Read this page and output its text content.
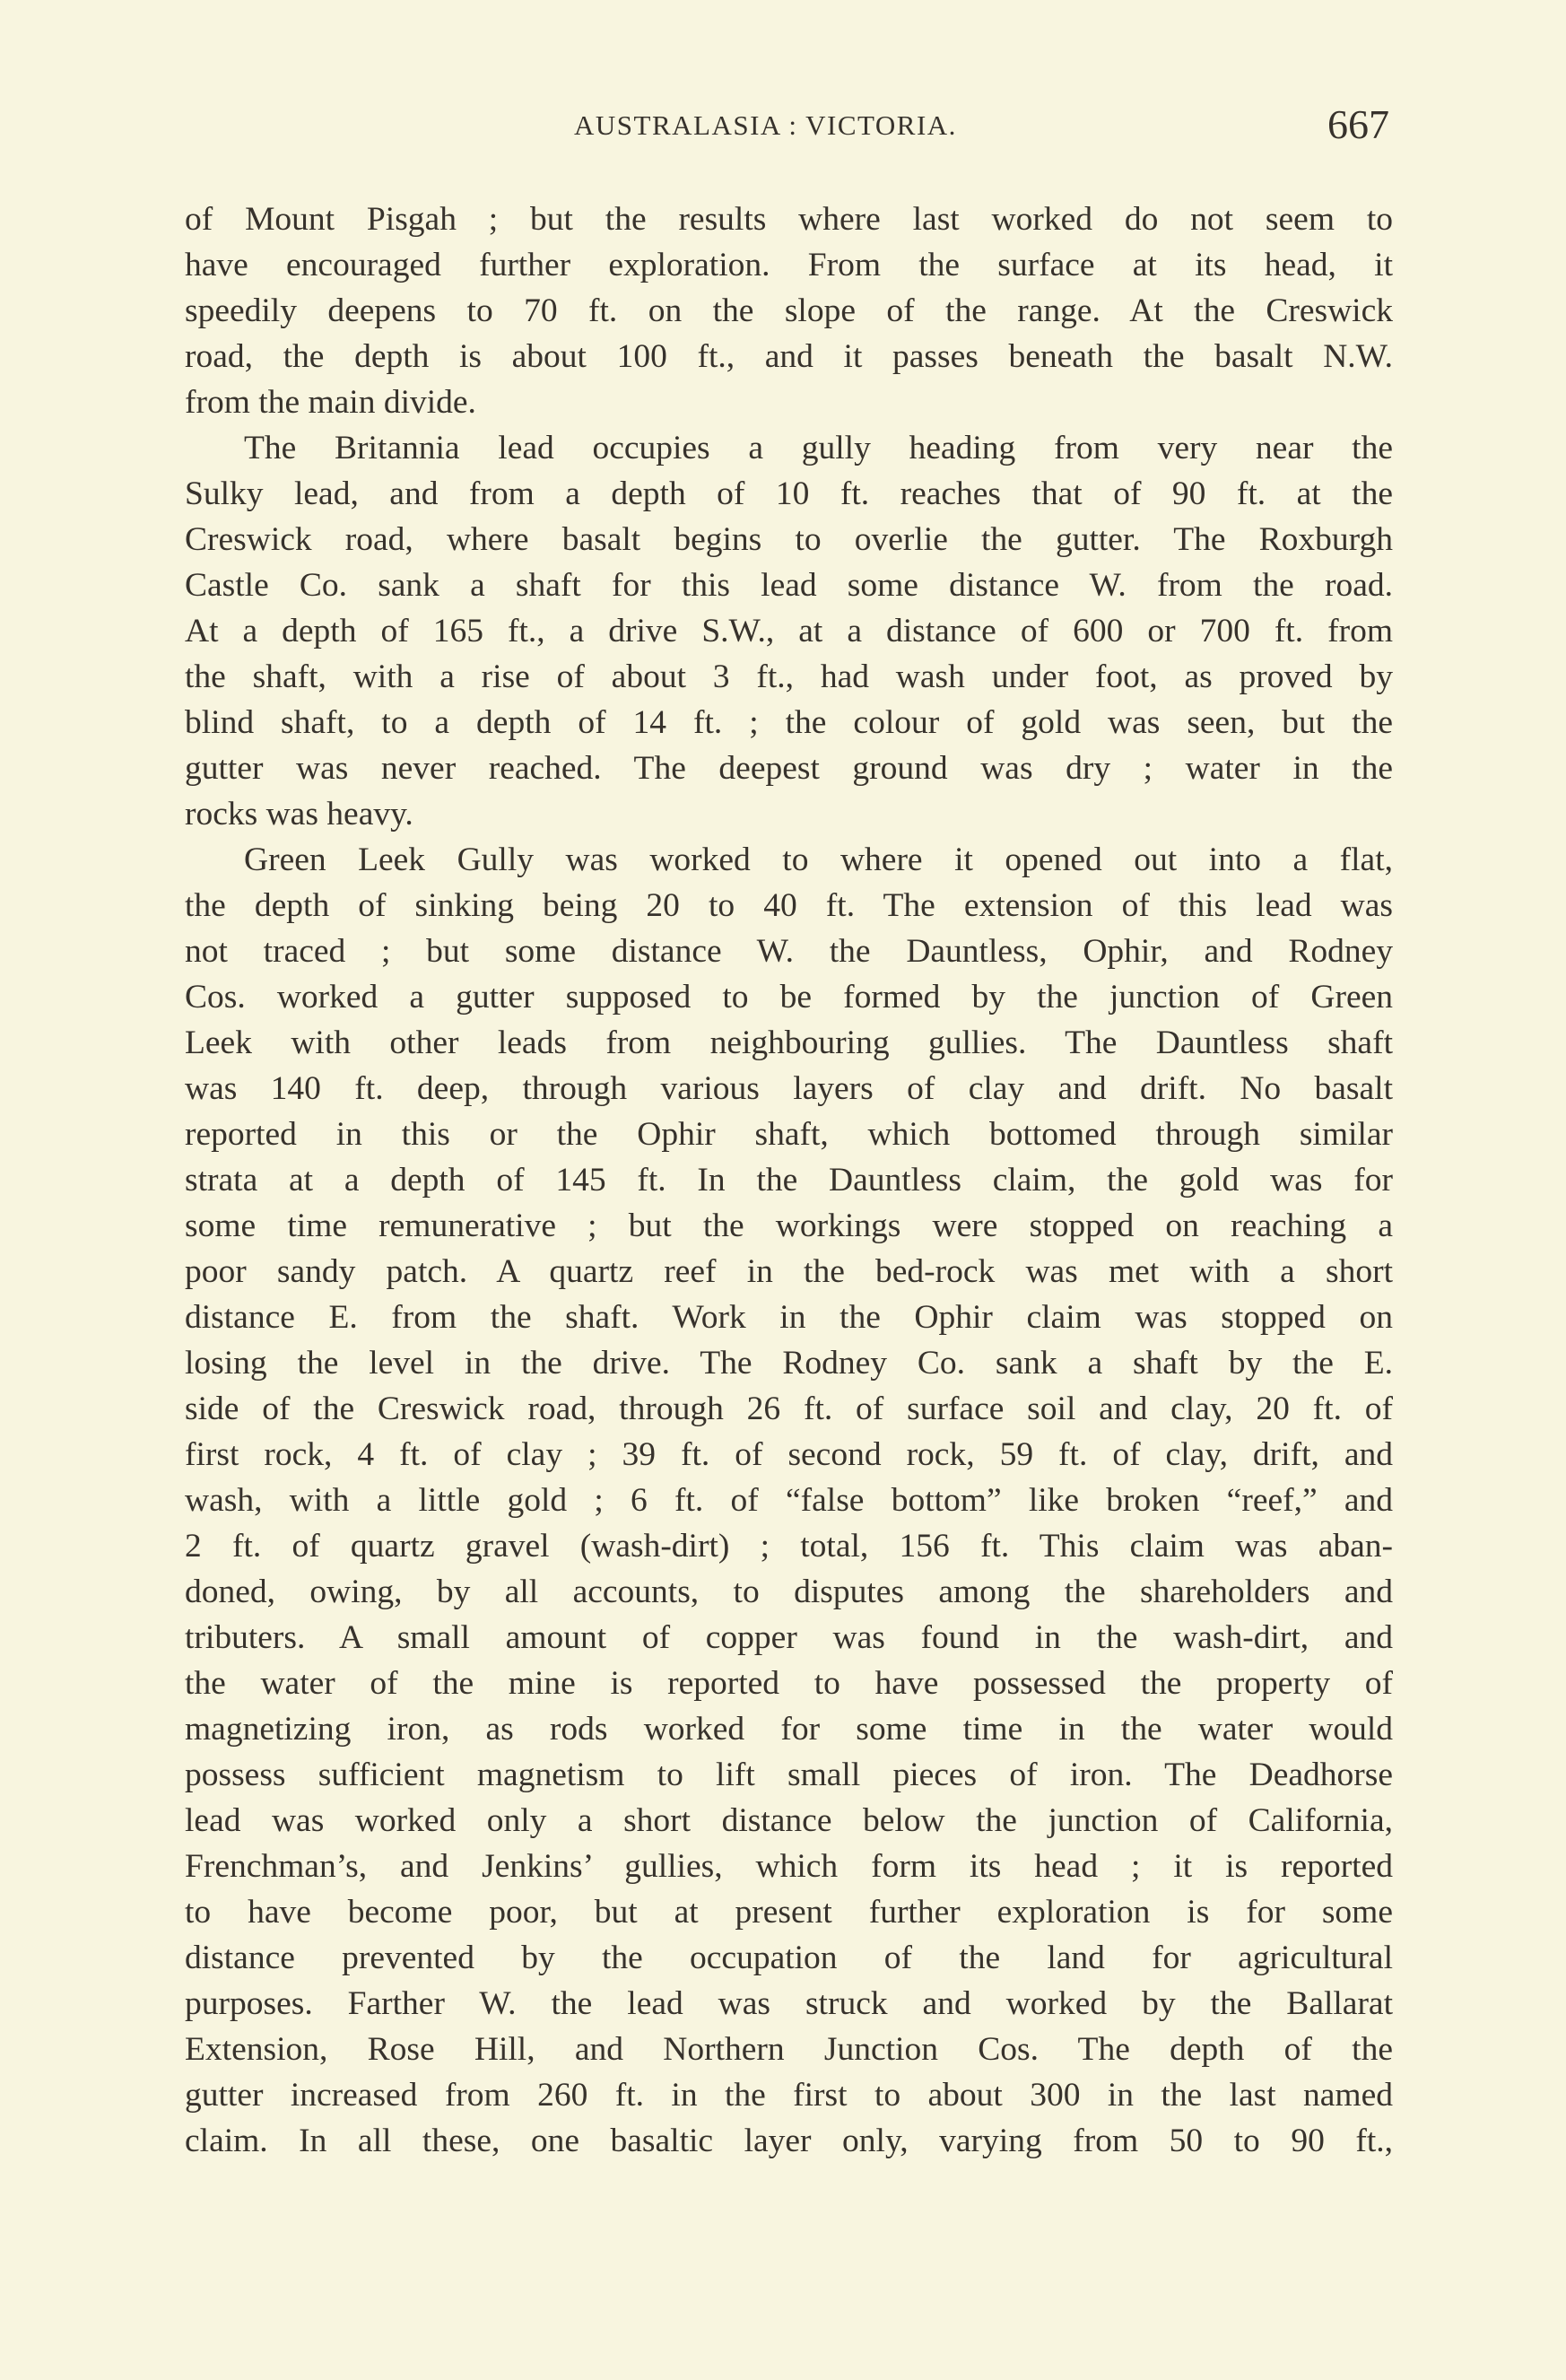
AUSTRALASIA : VICTORIA.	667
of Mount Pisgah ; but the results where last worked do not seem to
have encouraged further exploration. From the surface at its head, it
speedily deepens to 70 ft. on the slope of the range. At the Creswick
road, the depth is about 100 ft., and it passes beneath the basalt N.W.
from the main divide.
The Britannia lead occupies a gully heading from very near the
Sulky lead, and from a depth of 10 ft. reaches that of 90 ft. at the
Creswick road, where basalt begins to overlie the gutter. The Roxburgh
Castle Co. sank a shaft for this lead some distance W. from the road.
At a depth of 165 ft., a drive S.W., at a distance of 600 or 700 ft. from
the shaft, with a rise of about 3 ft., had wash under foot, as proved by
blind shaft, to a depth of 14 ft. ; the colour of gold was seen, but the
gutter was never reached. The deepest ground was dry ; water in the
rocks was heavy.
Green Leek Gully was worked to where it opened out into a flat,
the depth of sinking being 20 to 40 ft. The extension of this lead was
not traced ; but some distance W. the Dauntless, Ophir, and Rodney
Cos. worked a gutter supposed to be formed by the junction of Green
Leek with other leads from neighbouring gullies. The Dauntless shaft
was 140 ft. deep, through various layers of clay and drift. No basalt
reported in this or the Ophir shaft, which bottomed through similar
strata at a depth of 145 ft. In the Dauntless claim, the gold was for
some time remunerative ; but the workings were stopped on reaching a
poor sandy patch. A quartz reef in the bed-rock was met with a short
distance E. from the shaft. Work in the Ophir claim was stopped on
losing the level in the drive. The Rodney Co. sank a shaft by the E.
side of the Creswick road, through 26 ft. of surface soil and clay, 20 ft. of
first rock, 4 ft. of clay ; 39 ft. of second rock, 59 ft. of clay, drift, and
wash, with a little gold ; 6 ft. of “false bottom” like broken “reef,” and
2 ft. of quartz gravel (wash-dirt) ; total, 156 ft. This claim was aban-
doned, owing, by all accounts, to disputes among the shareholders and
tributers. A small amount of copper was found in the wash-dirt, and
the water of the mine is reported to have possessed the property of
magnetizing iron, as rods worked for some time in the water would
possess sufficient magnetism to lift small pieces of iron. The Deadhorse
lead was worked only a short distance below the junction of California,
Frenchman’s, and Jenkins’ gullies, which form its head ; it is reported
to have become poor, but at present further exploration is for some
distance prevented by the occupation of the land for agricultural
purposes. Farther W. the lead was struck and worked by the Ballarat
Extension, Rose Hill, and Northern Junction Cos. The depth of the
gutter increased from 260 ft. in the first to about 300 in the last named
claim. In all these, one basaltic layer only, varying from 50 to 90 ft.,
